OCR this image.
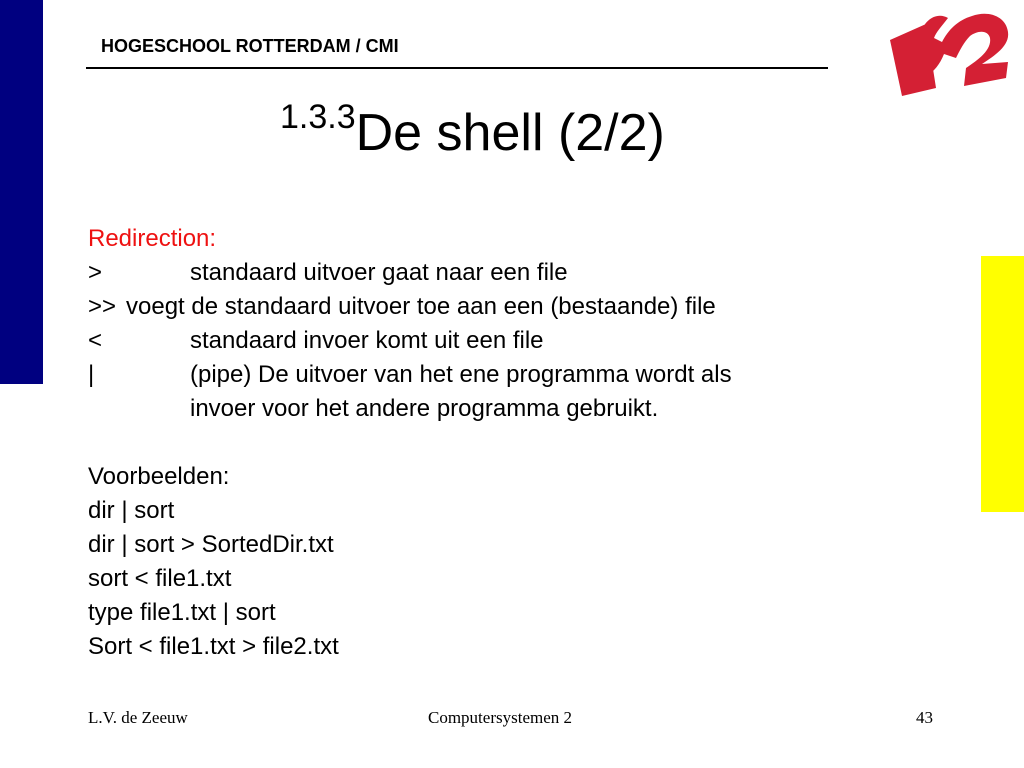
HOGESCHOOL ROTTERDAM / CMI
$^{1.3.3}$De shell (2/2)
Redirection:
>	standaard uitvoer gaat naar een file
>> voegt de standaard uitvoer toe aan een (bestaande) file
<	standaard invoer komt uit een file
|	(pipe) De uitvoer van het ene programma wordt als
invoer voor het andere programma gebruikt.
Voorbeelden:
dir | sort
dir | sort > SortedDir.txt
sort < file1.txt
type file1.txt | sort
Sort < file1.txt > file2.txt
L.V. de Zeeuw	Computersystemen 2	43
